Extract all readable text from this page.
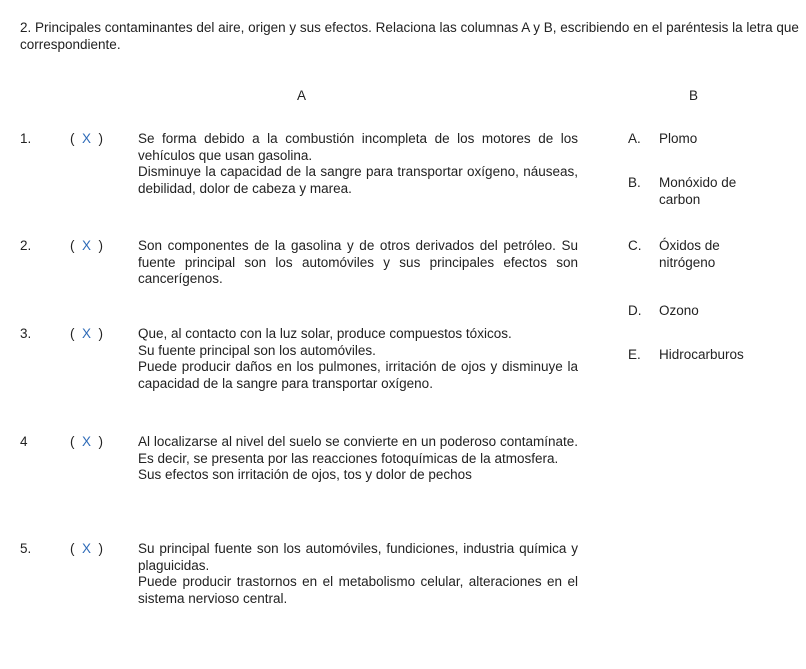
2. Principales contaminantes del aire, origen y sus efectos. Relaciona las columnas A y B, escribiendo en el paréntesis la letra que correspondiente.
A	B
1.	(  X  )	Se forma debido a la combustión incompleta de los motores de los vehículos que usan gasolina.
Disminuye la capacidad de la sangre para transportar oxígeno, náuseas, debilidad, dolor de cabeza y marea.
2.	(  X  )	Son componentes de la gasolina y de otros derivados del petróleo. Su fuente principal son los automóviles y sus principales efectos son cancerígenos.
3.	(  X  )	Que, al contacto con la luz solar, produce compuestos tóxicos.
Su fuente principal son los automóviles.
Puede producir daños en los pulmones, irritación de ojos y disminuye la capacidad de la sangre para transportar oxígeno.
4	(  X  )	Al localizarse al nivel del suelo se convierte en un poderoso contamínate. Es decir, se presenta por las reacciones fotoquímicas de la atmosfera.
Sus efectos son irritación de ojos, tos y dolor de pechos
5.	(  X  )	Su principal fuente son los automóviles, fundiciones, industria química y plaguicidas.
Puede producir trastornos en el metabolismo celular, alteraciones en el sistema nervioso central.
A. Plomo
B. Monóxido de carbon
C. Óxidos de nitrógeno
D. Ozono
E. Hidrocarburos
